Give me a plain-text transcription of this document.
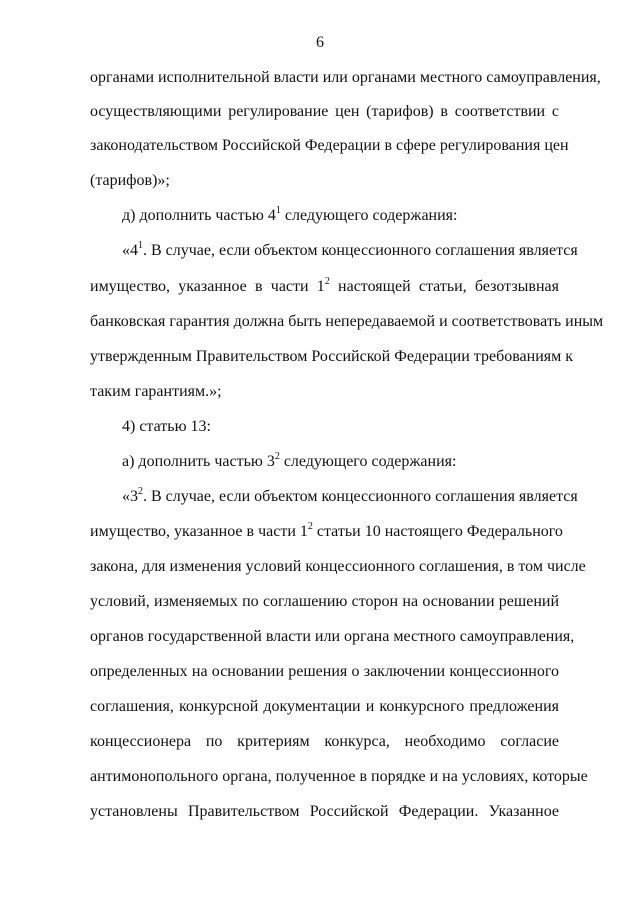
6
органами исполнительной власти или органами местного самоуправления,
осуществляющими регулирование цен (тарифов) в соответствии с
законодательством Российской Федерации в сфере регулирования цен
(тарифов)»;
д) дополнить частью $4^1$ следующего содержания:
«$4^1$. В случае, если объектом концессионного соглашения является
имущество, указанное в части $1^2$ настоящей статьи, безотзывная
банковская гарантия должна быть непередаваемой и соответствовать иным
утвержденным Правительством Российской Федерации требованиям к
таким гарантиям.»;
4) статью 13:
а) дополнить частью $3^2$ следующего содержания:
«$3^2$. В случае, если объектом концессионного соглашения является
имущество, указанное в части $1^2$ статьи 10 настоящего Федерального
закона, для изменения условий концессионного соглашения, в том числе
условий, изменяемых по соглашению сторон на основании решений
органов государственной власти или органа местного самоуправления,
определенных на основании решения о заключении концессионного
соглашения, конкурсной документации и конкурсного предложения
концессионера по критериям конкурса, необходимо согласие
антимонопольного органа, полученное в порядке и на условиях, которые
установлены Правительством Российской Федерации. Указанное
